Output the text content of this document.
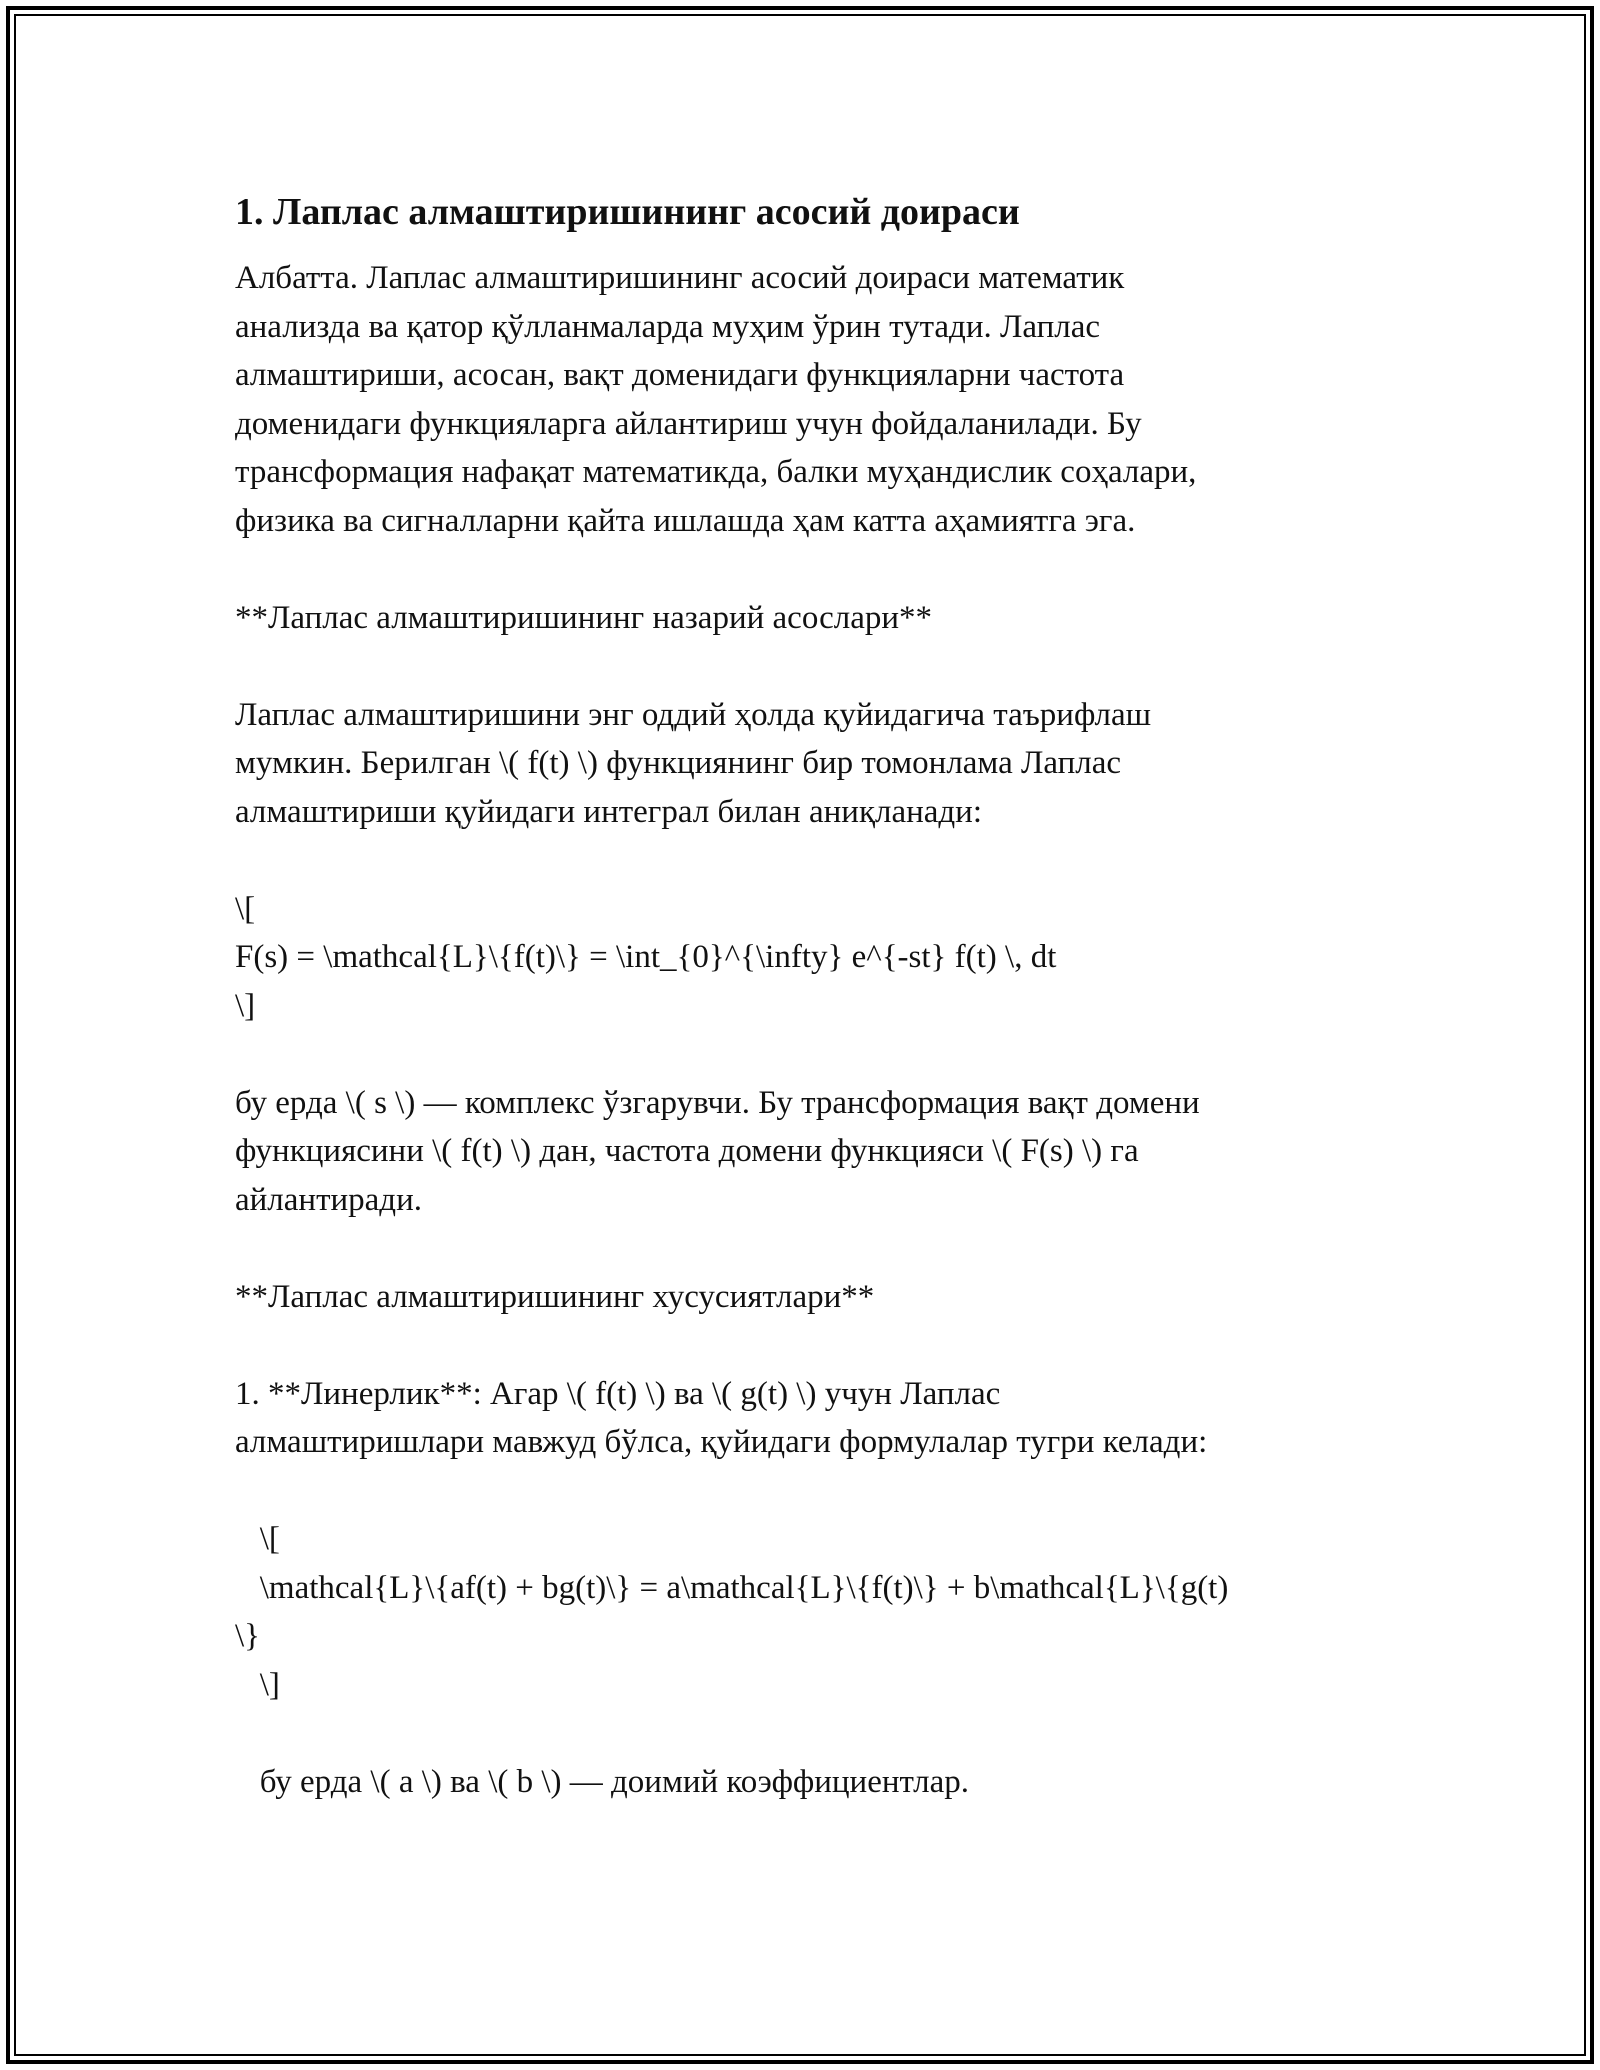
1. Лаплас алмаштиришининг асосий доираси
Албатта. Лаплас алмаштиришининг асосий доираси математик
анализда ва қатор қўлланмаларда муҳим ўрин тутади. Лаплас
алмаштириши, асосан, вақт доменидаги функцияларни частота
доменидаги функцияларга айлантириш учун фойдаланилади. Бу
трансформация нафақат математикда, балки муҳандислик соҳалари,
физика ва сигналларни қайта ишлашда ҳам катта аҳамиятга эга.
**Лаплас алмаштиришининг назарий асослари**
Лаплас алмаштиришини энг оддий ҳолда қуйидагича таърифлаш
мумкин. Берилган \( f(t) \) функциянинг бир томонлама Лаплас
алмаштириши қуйидаги интеграл билан аниқланади:
\[
F(s) = \mathcal{L}\{f(t)\} = \int_{0}^{\infty} e^{-st} f(t) \, dt
\]
бу ерда \( s \) — комплекс ўзгарувчи. Бу трансформация вақт домени
функциясини \( f(t) \) дан, частота домени функцияси \( F(s) \) га
айлантиради.
**Лаплас алмаштиришининг хусусиятлари**
1. **Линерлик**: Агар \( f(t) \) ва \( g(t) \) учун Лаплас
алмаштиришлари мавжуд бўлса, қуйидаги формулалар тугри келади:
\[
\mathcal{L}\{af(t) + bg(t)\} = a\mathcal{L}\{f(t)\} + b\mathcal{L}\{g(t)
\}
\]
бу ерда \( a \) ва \( b \) — доимий коэффициентлар.
